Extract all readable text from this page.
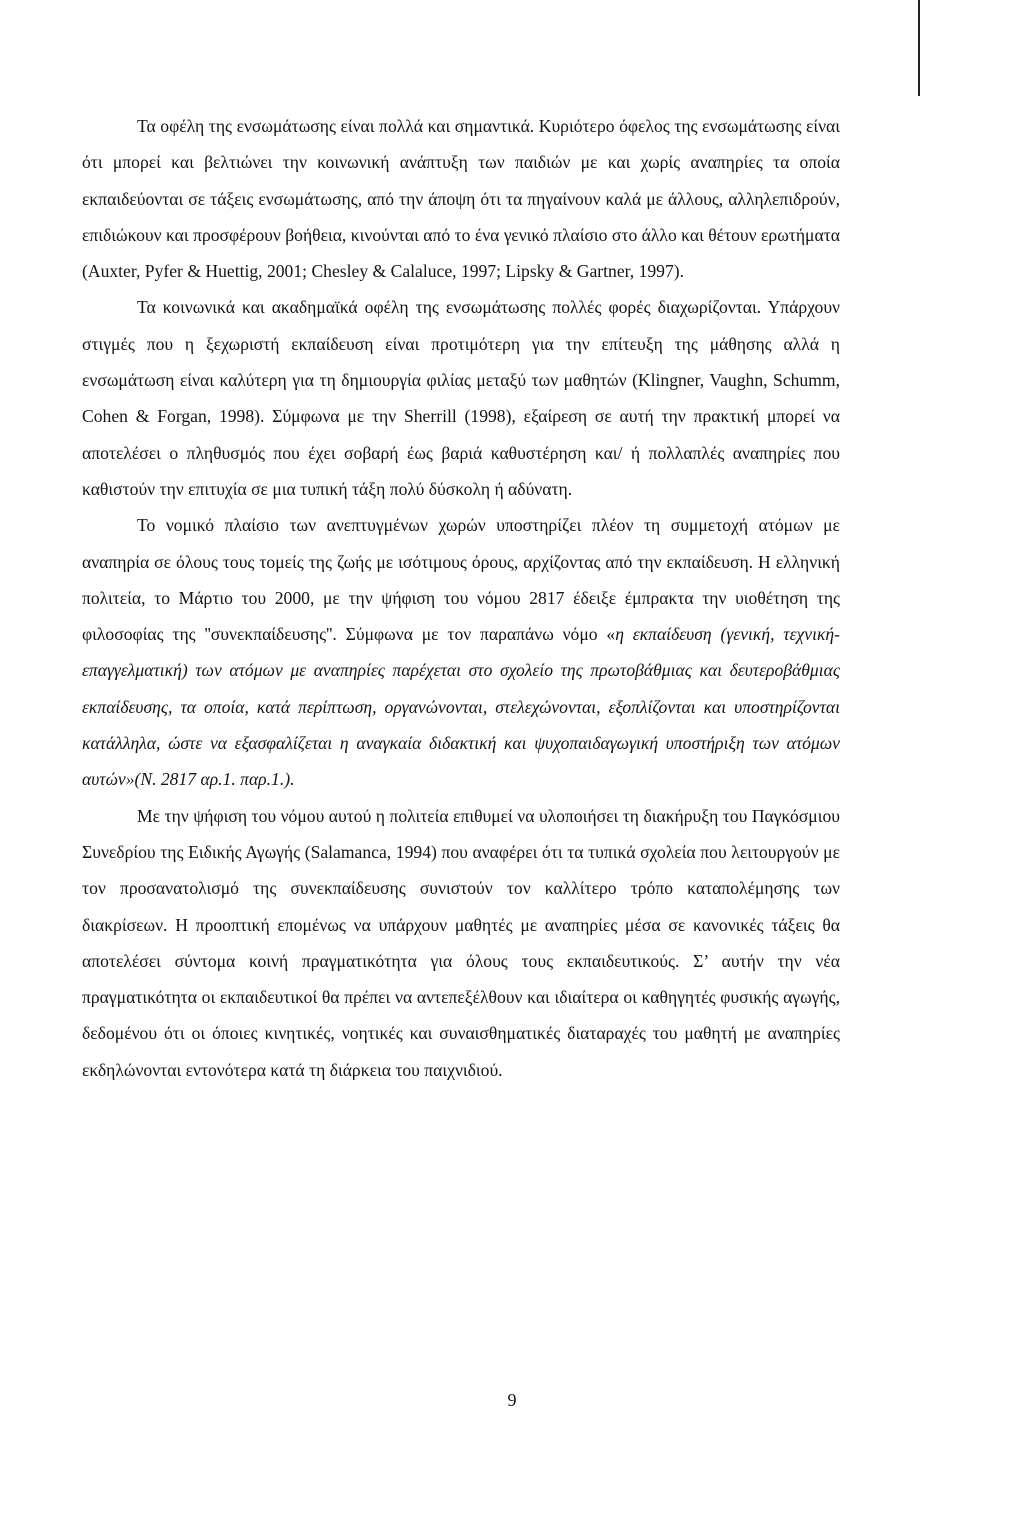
Τα οφέλη της ενσωμάτωσης είναι πολλά και σημαντικά. Κυριότερο όφελος της ενσωμάτωσης είναι ότι μπορεί και βελτιώνει την κοινωνική ανάπτυξη των παιδιών με και χωρίς αναπηρίες τα οποία εκπαιδεύονται σε τάξεις ενσωμάτωσης, από την άποψη ότι τα πηγαίνουν καλά με άλλους, αλληλεπιδρούν, επιδιώκουν και προσφέρουν βοήθεια, κινούνται από το ένα γενικό πλαίσιο στο άλλο και θέτουν ερωτήματα (Auxter, Pyfer & Huettig, 2001; Chesley & Calaluce, 1997; Lipsky & Gartner, 1997).

Τα κοινωνικά και ακαδημαϊκά οφέλη της ενσωμάτωσης πολλές φορές διαχωρίζονται. Υπάρχουν στιγμές που η ξεχωριστή εκπαίδευση είναι προτιμότερη για την επίτευξη της μάθησης αλλά η ενσωμάτωση είναι καλύτερη για τη δημιουργία φιλίας μεταξύ των μαθητών (Klingner, Vaughn, Schumm, Cohen & Forgan, 1998). Σύμφωνα με την Sherrill (1998), εξαίρεση σε αυτή την πρακτική μπορεί να αποτελέσει ο πληθυσμός που έχει σοβαρή έως βαριά καθυστέρηση και/ ή πολλαπλές αναπηρίες που καθιστούν την επιτυχία σε μια τυπική τάξη πολύ δύσκολη ή αδύνατη.

Το νομικό πλαίσιο των ανεπτυγμένων χωρών υποστηρίζει πλέον τη συμμετοχή ατόμων με αναπηρία σε όλους τους τομείς της ζωής με ισότιμους όρους, αρχίζοντας από την εκπαίδευση. Η ελληνική πολιτεία, το Μάρτιο του 2000, με την ψήφιση του νόμου 2817 έδειξε έμπρακτα την υιοθέτηση της φιλοσοφίας της ''συνεκπαίδευσης''. Σύμφωνα με τον παραπάνω νόμο «η εκπαίδευση (γενική, τεχνική- επαγγελματική) των ατόμων με αναπηρίες παρέχεται στο σχολείο της πρωτοβάθμιας και δευτεροβάθμιας εκπαίδευσης, τα οποία, κατά περίπτωση, οργανώνονται, στελεχώνονται, εξοπλίζονται και υποστηρίζονται κατάλληλα, ώστε να εξασφαλίζεται η αναγκαία διδακτική και ψυχοπαιδαγωγική υποστήριξη των ατόμων αυτών»(Ν. 2817 αρ.1. παρ.1.).

Με την ψήφιση του νόμου αυτού η πολιτεία επιθυμεί να υλοποιήσει τη διακήρυξη του Παγκόσμιου Συνεδρίου της Ειδικής Αγωγής (Salamanca, 1994) που αναφέρει ότι τα τυπικά σχολεία που λειτουργούν με τον προσανατολισμό της συνεκπαίδευσης συνιστούν τον καλλίτερο τρόπο καταπολέμησης των διακρίσεων. Η προοπτική επομένως να υπάρχουν μαθητές με αναπηρίες μέσα σε κανονικές τάξεις θα αποτελέσει σύντομα κοινή πραγματικότητα για όλους τους εκπαιδευτικούς. Σ’ αυτήν την νέα πραγματικότητα οι εκπαιδευτικοί θα πρέπει να αντεπεξέλθουν και ιδιαίτερα οι καθηγητές φυσικής αγωγής, δεδομένου ότι οι όποιες κινητικές, νοητικές και συναισθηματικές διαταραχές του μαθητή με αναπηρίες εκδηλώνονται εντονότερα κατά τη διάρκεια του παιχνιδιού.

9
